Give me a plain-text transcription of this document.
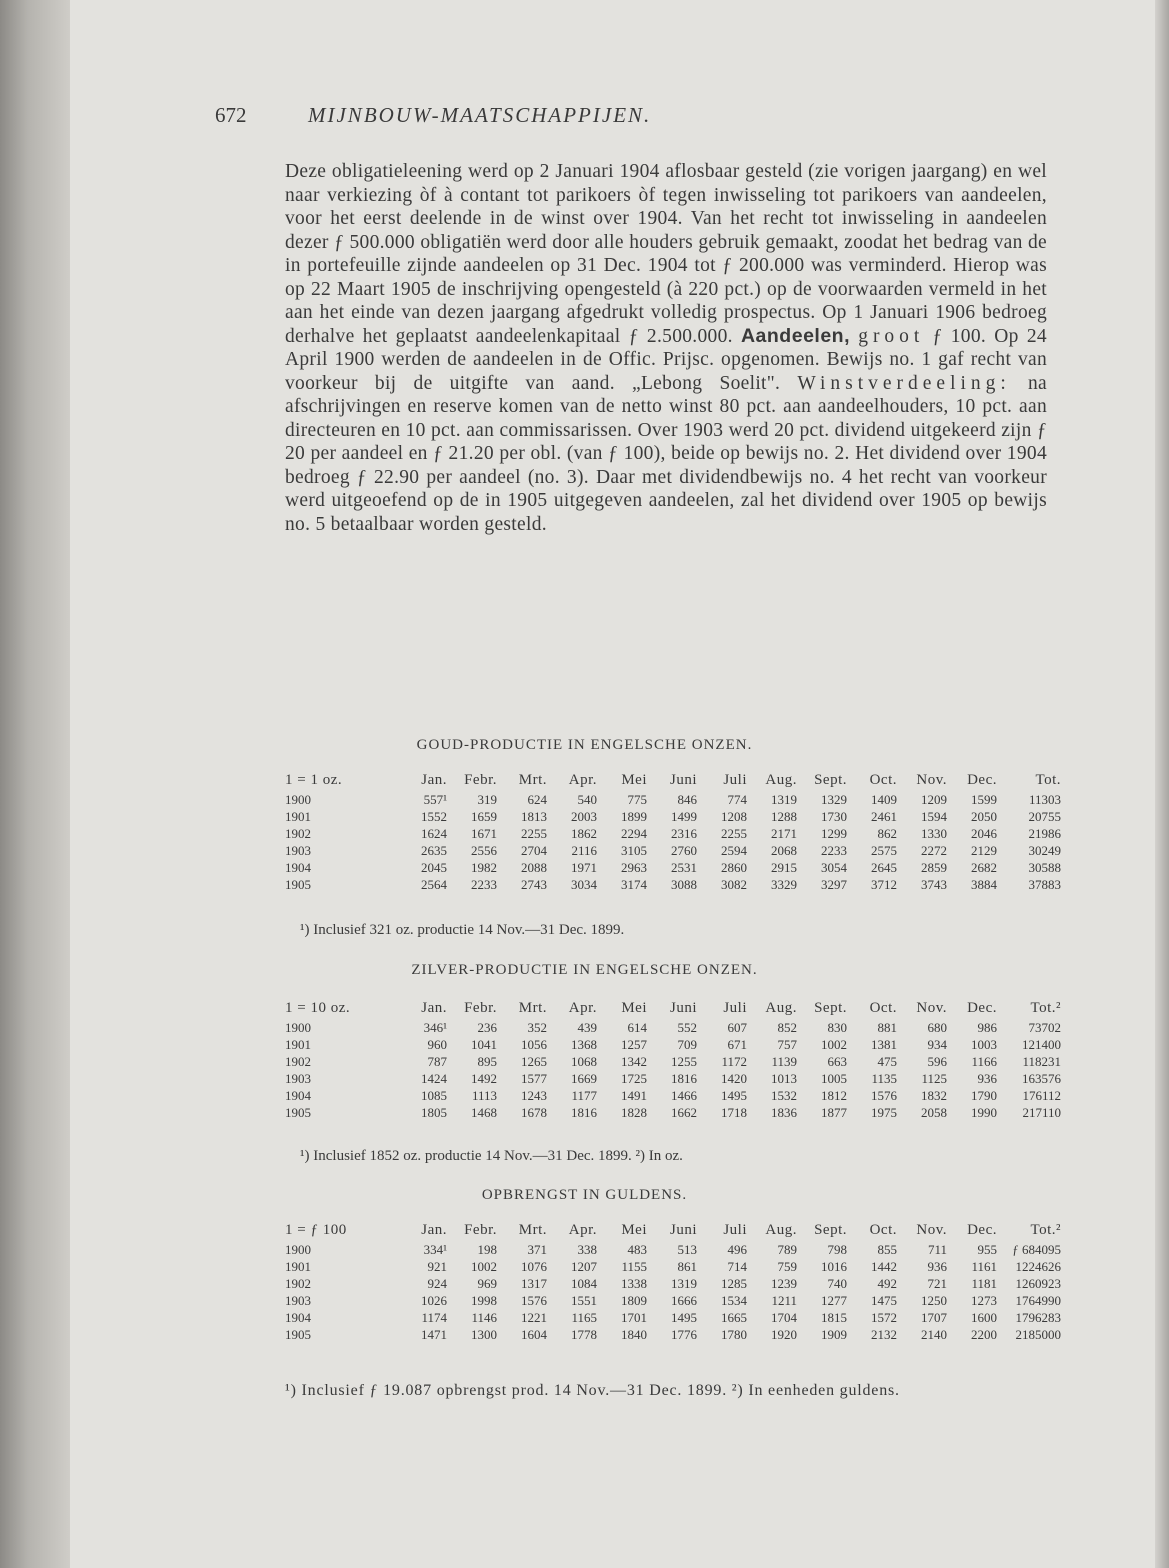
672	MIJNBOUW-MAATSCHAPPIJEN.
Deze obligatieleening werd op 2 Januari 1904 aflosbaar gesteld (zie vorigen jaargang) en wel naar verkiezing òf à contant tot parikoers òf tegen inwisseling tot parikoers van aandeelen, voor het eerst deelende in de winst over 1904. Van het recht tot inwisseling in aandeelen dezer ƒ 500.000 obligatiën werd door alle houders gebruik gemaakt, zoodat het bedrag van de in portefeuille zijnde aandeelen op 31 Dec. 1904 tot ƒ 200.000 was verminderd. Hierop was op 22 Maart 1905 de inschrijving opengesteld (à 220 pct.) op de voorwaarden vermeld in het aan het einde van dezen jaargang afgedrukt volledig prospectus. Op 1 Januari 1906 bedroeg derhalve het geplaatst aandeelenkapitaal ƒ 2.500.000. Aandeelen, groot ƒ 100. Op 24 April 1900 werden de aandeelen in de Offic. Prijsc. opgenomen. Bewijs no. 1 gaf recht van voorkeur bij de uitgifte van aand. „Lebong Soelit". Winstverdeeling: na afschrijvingen en reserve komen van de netto winst 80 pct. aan aandeelhouders, 10 pct. aan directeuren en 10 pct. aan commissarissen. Over 1903 werd 20 pct. dividend uitgekeerd zijn ƒ 20 per aandeel en ƒ 21.20 per obl. (van ƒ 100), beide op bewijs no. 2. Het dividend over 1904 bedroeg ƒ 22.90 per aandeel (no. 3). Daar met dividendbewijs no. 4 het recht van voorkeur werd uitgeoefend op de in 1905 uitgegeven aandeelen, zal het dividend over 1905 op bewijs no. 5 betaalbaar worden gesteld.
GOUD-PRODUCTIE IN ENGELSCHE ONZEN.
1 = 1 oz.	Jan.	Febr.	Mrt.	Apr.	Mei	Juni	Juli	Aug.	Sept.	Oct.	Nov.	Dec.	Tot.
1900	557¹	319	624	540	775	846	774	1319	1329	1409	1209	1599	11303
1901	1552	1659	1813	2003	1899	1499	1208	1288	1730	2461	1594	2050	20755
1902	1624	1671	2255	1862	2294	2316	2255	2171	1299	862	1330	2046	21986
1903	2635	2556	2704	2116	3105	2760	2594	2068	2233	2575	2272	2129	30249
1904	2045	1982	2088	1971	2963	2531	2860	2915	3054	2645	2859	2682	30588
1905	2564	2233	2743	3034	3174	3088	3082	3329	3297	3712	3743	3884	37883
¹) Inclusief 321 oz. productie 14 Nov.—31 Dec. 1899.
ZILVER-PRODUCTIE IN ENGELSCHE ONZEN.
1 = 10 oz.	Jan.	Febr.	Mrt.	Apr.	Mei	Juni	Juli	Aug.	Sept.	Oct.	Nov.	Dec.	Tot.²
1900	346¹	236	352	439	614	552	607	852	830	881	680	986	73702
1901	960	1041	1056	1368	1257	709	671	757	1002	1381	934	1003	121400
1902	787	895	1265	1068	1342	1255	1172	1139	663	475	596	1166	118231
1903	1424	1492	1577	1669	1725	1816	1420	1013	1005	1135	1125	936	163576
1904	1085	1113	1243	1177	1491	1466	1495	1532	1812	1576	1832	1790	176112
1905	1805	1468	1678	1816	1828	1662	1718	1836	1877	1975	2058	1990	217110
¹) Inclusief 1852 oz. productie 14 Nov.—31 Dec. 1899. ²) In oz.
OPBRENGST IN GULDENS.
1 = ƒ 100	Jan.	Febr.	Mrt.	Apr.	Mei	Juni	Juli	Aug.	Sept.	Oct.	Nov.	Dec.	Tot.²
1900	334¹	198	371	338	483	513	496	789	798	855	711	955	ƒ 684095
1901	921	1002	1076	1207	1155	861	714	759	1016	1442	936	1161	1224626
1902	924	969	1317	1084	1338	1319	1285	1239	740	492	721	1181	1260923
1903	1026	1998	1576	1551	1809	1666	1534	1211	1277	1475	1250	1273	1764990
1904	1174	1146	1221	1165	1701	1495	1665	1704	1815	1572	1707	1600	1796283
1905	1471	1300	1604	1778	1840	1776	1780	1920	1909	2132	2140	2200	2185000
¹) Inclusief ƒ 19.087 opbrengst prod. 14 Nov.—31 Dec. 1899. ²) In eenheden guldens.
